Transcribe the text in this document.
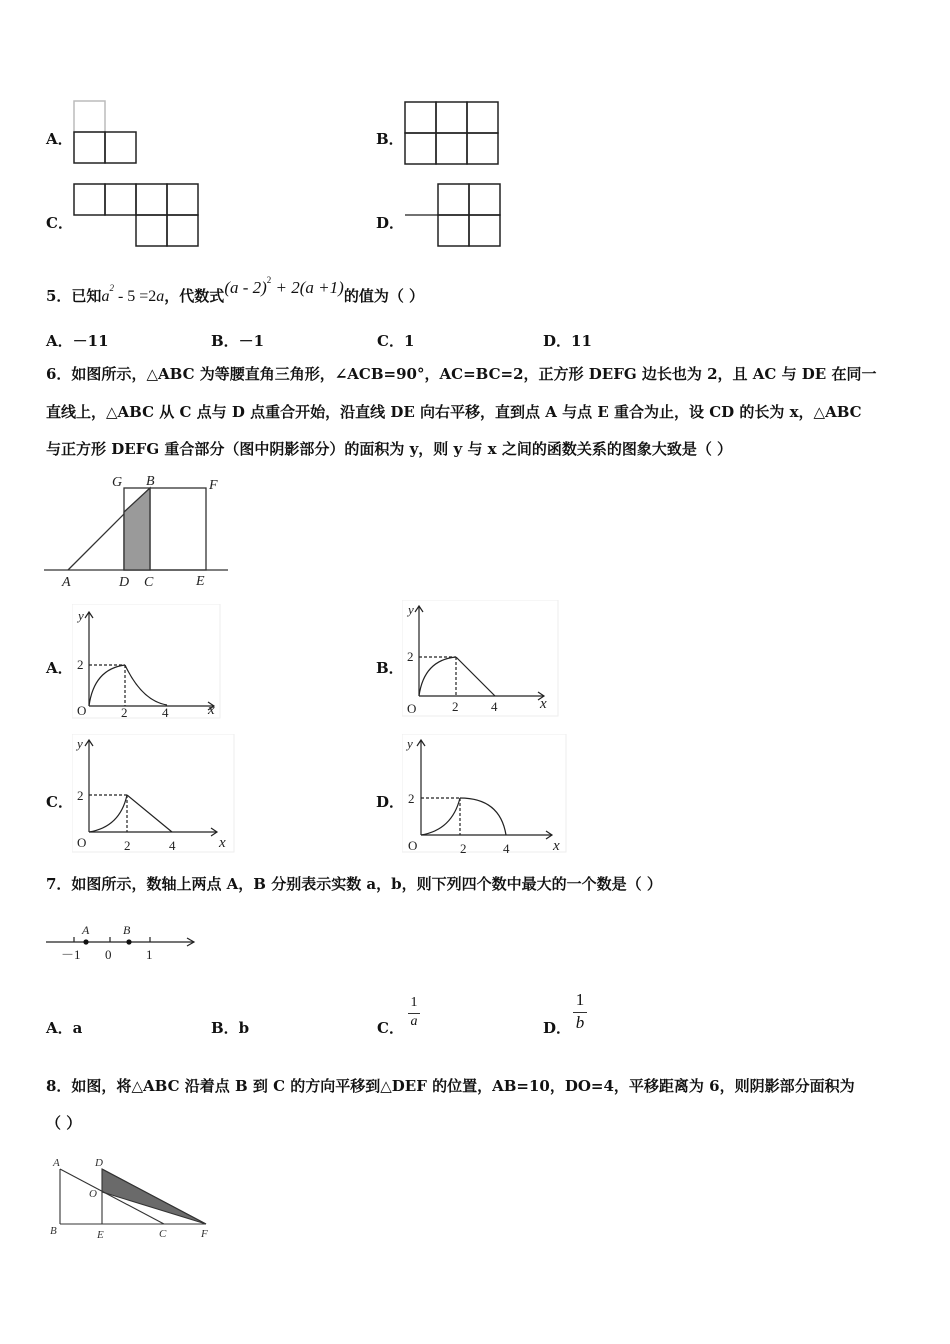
A．	B．
C．	D．
5．已知$a^2 - 5 =2a$，代数式(a - 2)$^2$ + 2(a +1)的值为（ ）
A．－11	B．－1	C．1	D．11
6．如图所示，△ABC 为等腰直角三角形，∠ACB=90°，AC=BC=2，正方形 DEFG 边长也为 2，且 AC 与 DE 在同一
直线上，△ABC 从 C 点与 D 点重合开始，沿直线 DE 向右平移，直到点 A 与点 E 重合为止，设 CD 的长为 x，△ABC
与正方形 DEFG 重合部分（图中阴影部分）的面积为 y，则 y 与 x 之间的函数关系的图象大致是（ ）
G B	F
A	D C	E
A．
y
2
O	2	4	x
B．
y
2
O	2	4	x
C．
y
2
O	2	4	x
D．
y
2
O	2	4	x
7．如图所示，数轴上两点 A，B 分别表示实数 a，b，则下列四个数中最大的一个数是（ ）
A	B
－1 0	1
A．a	B．b	C．
1
a	D．
1
b
8．如图，将△ABC 沿着点 B 到 C 的方向平移到△DEF 的位置，AB=10，DO=4，平移距离为 6，则阴影部分面积为
（ ）
A	D
O
B	E	C	F
